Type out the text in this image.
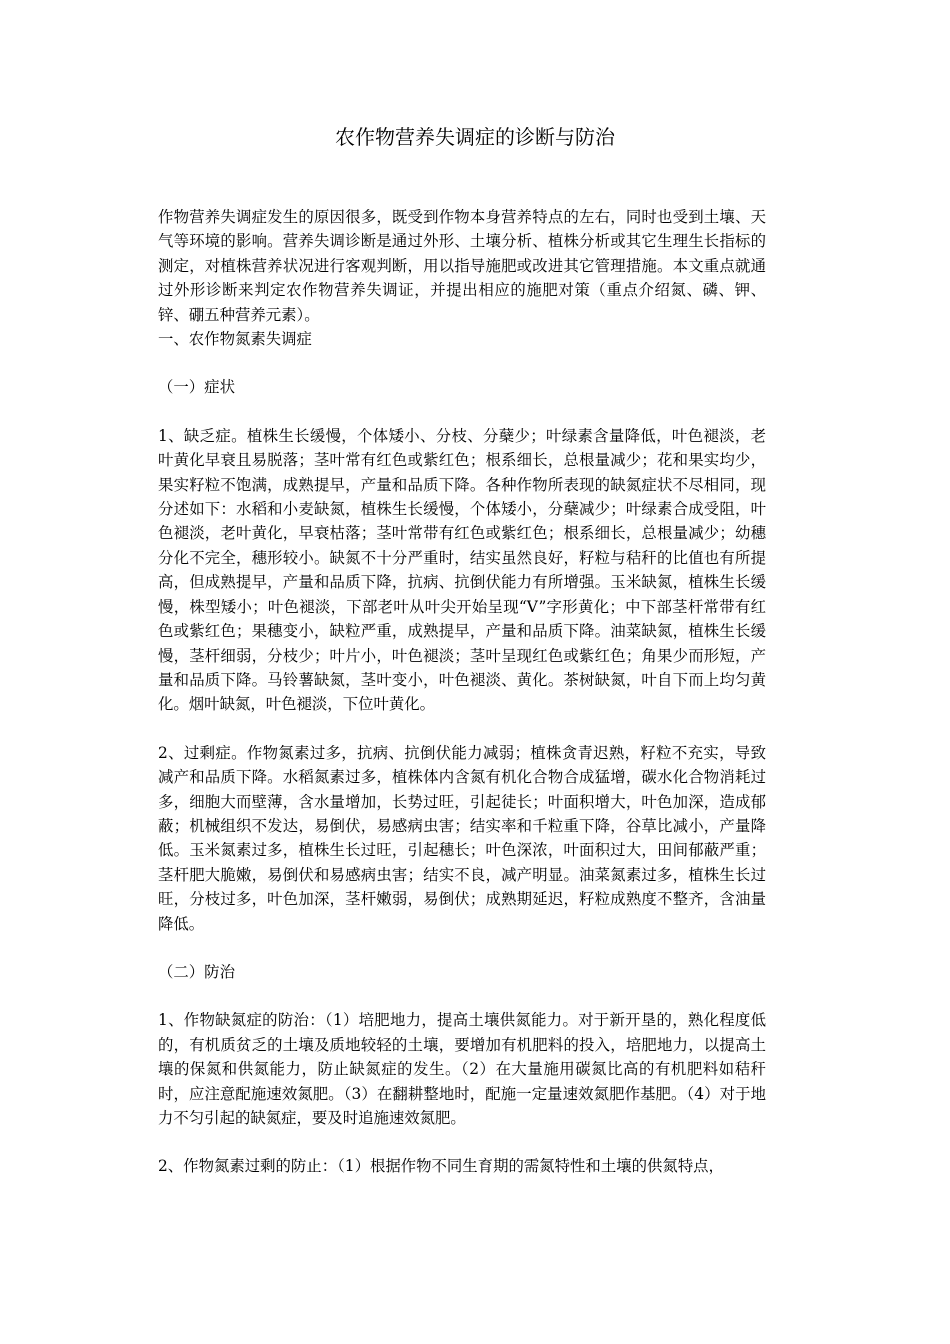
农作物营养失调症的诊断与防治

作物营养失调症发生的原因很多，既受到作物本身营养特点的左右，同时也受到土壤、天气等环境的影响。营养失调诊断是通过外形、土壤分析、植株分析或其它生理生长指标的测定，对植株营养状况进行客观判断，用以指导施肥或改进其它管理措施。本文重点就通过外形诊断来判定农作物营养失调证，并提出相应的施肥对策（重点介绍氮、磷、钾、锌、硼五种营养元素）。

一、农作物氮素失调症

（一）症状

1、缺乏症。植株生长缓慢，个体矮小、分枝、分蘖少；叶绿素含量降低，叶色褪淡，老叶黄化早衰且易脱落；茎叶常有红色或紫红色；根系细长，总根量减少；花和果实均少，果实籽粒不饱满，成熟提早，产量和品质下降。各种作物所表现的缺氮症状不尽相同，现分述如下：水稻和小麦缺氮，植株生长缓慢，个体矮小，分蘖减少；叶绿素合成受阻，叶色褪淡，老叶黄化，早衰枯落；茎叶常带有红色或紫红色；根系细长，总根量减少；幼穗分化不完全，穗形较小。缺氮不十分严重时，结实虽然良好，籽粒与秸秆的比值也有所提高，但成熟提早，产量和品质下降，抗病、抗倒伏能力有所增强。玉米缺氮，植株生长缓慢，株型矮小；叶色褪淡，下部老叶从叶尖开始呈现“V”字形黄化；中下部茎杆常带有红色或紫红色；果穗变小，缺粒严重，成熟提早，产量和品质下降。油菜缺氮，植株生长缓慢，茎杆细弱，分枝少；叶片小，叶色褪淡；茎叶呈现红色或紫红色；角果少而形短，产量和品质下降。马铃薯缺氮，茎叶变小，叶色褪淡、黄化。茶树缺氮，叶自下而上均匀黄化。烟叶缺氮，叶色褪淡，下位叶黄化。

2、过剩症。作物氮素过多，抗病、抗倒伏能力减弱；植株贪青迟熟，籽粒不充实，导致减产和品质下降。水稻氮素过多，植株体内含氮有机化合物合成猛增，碳水化合物消耗过多，细胞大而壁薄，含水量增加，长势过旺，引起徒长；叶面积增大，叶色加深，造成郁蔽；机械组织不发达，易倒伏，易感病虫害；结实率和千粒重下降，谷草比减小，产量降低。玉米氮素过多，植株生长过旺，引起穗长；叶色深浓，叶面积过大，田间郁蔽严重；茎杆肥大脆嫩，易倒伏和易感病虫害；结实不良，减产明显。油菜氮素过多，植株生长过旺，分枝过多，叶色加深，茎杆嫩弱，易倒伏；成熟期延迟，籽粒成熟度不整齐，含油量降低。

（二）防治

1、作物缺氮症的防治：（1）培肥地力，提高土壤供氮能力。对于新开垦的，熟化程度低的，有机质贫乏的土壤及质地较轻的土壤，要增加有机肥料的投入，培肥地力，以提高土壤的保氮和供氮能力，防止缺氮症的发生。（2）在大量施用碳氮比高的有机肥料如秸秆时，应注意配施速效氮肥。（3）在翻耕整地时，配施一定量速效氮肥作基肥。（4）对于地力不匀引起的缺氮症，要及时追施速效氮肥。

2、作物氮素过剩的防止：（1）根据作物不同生育期的需氮特性和土壤的供氮特点，
